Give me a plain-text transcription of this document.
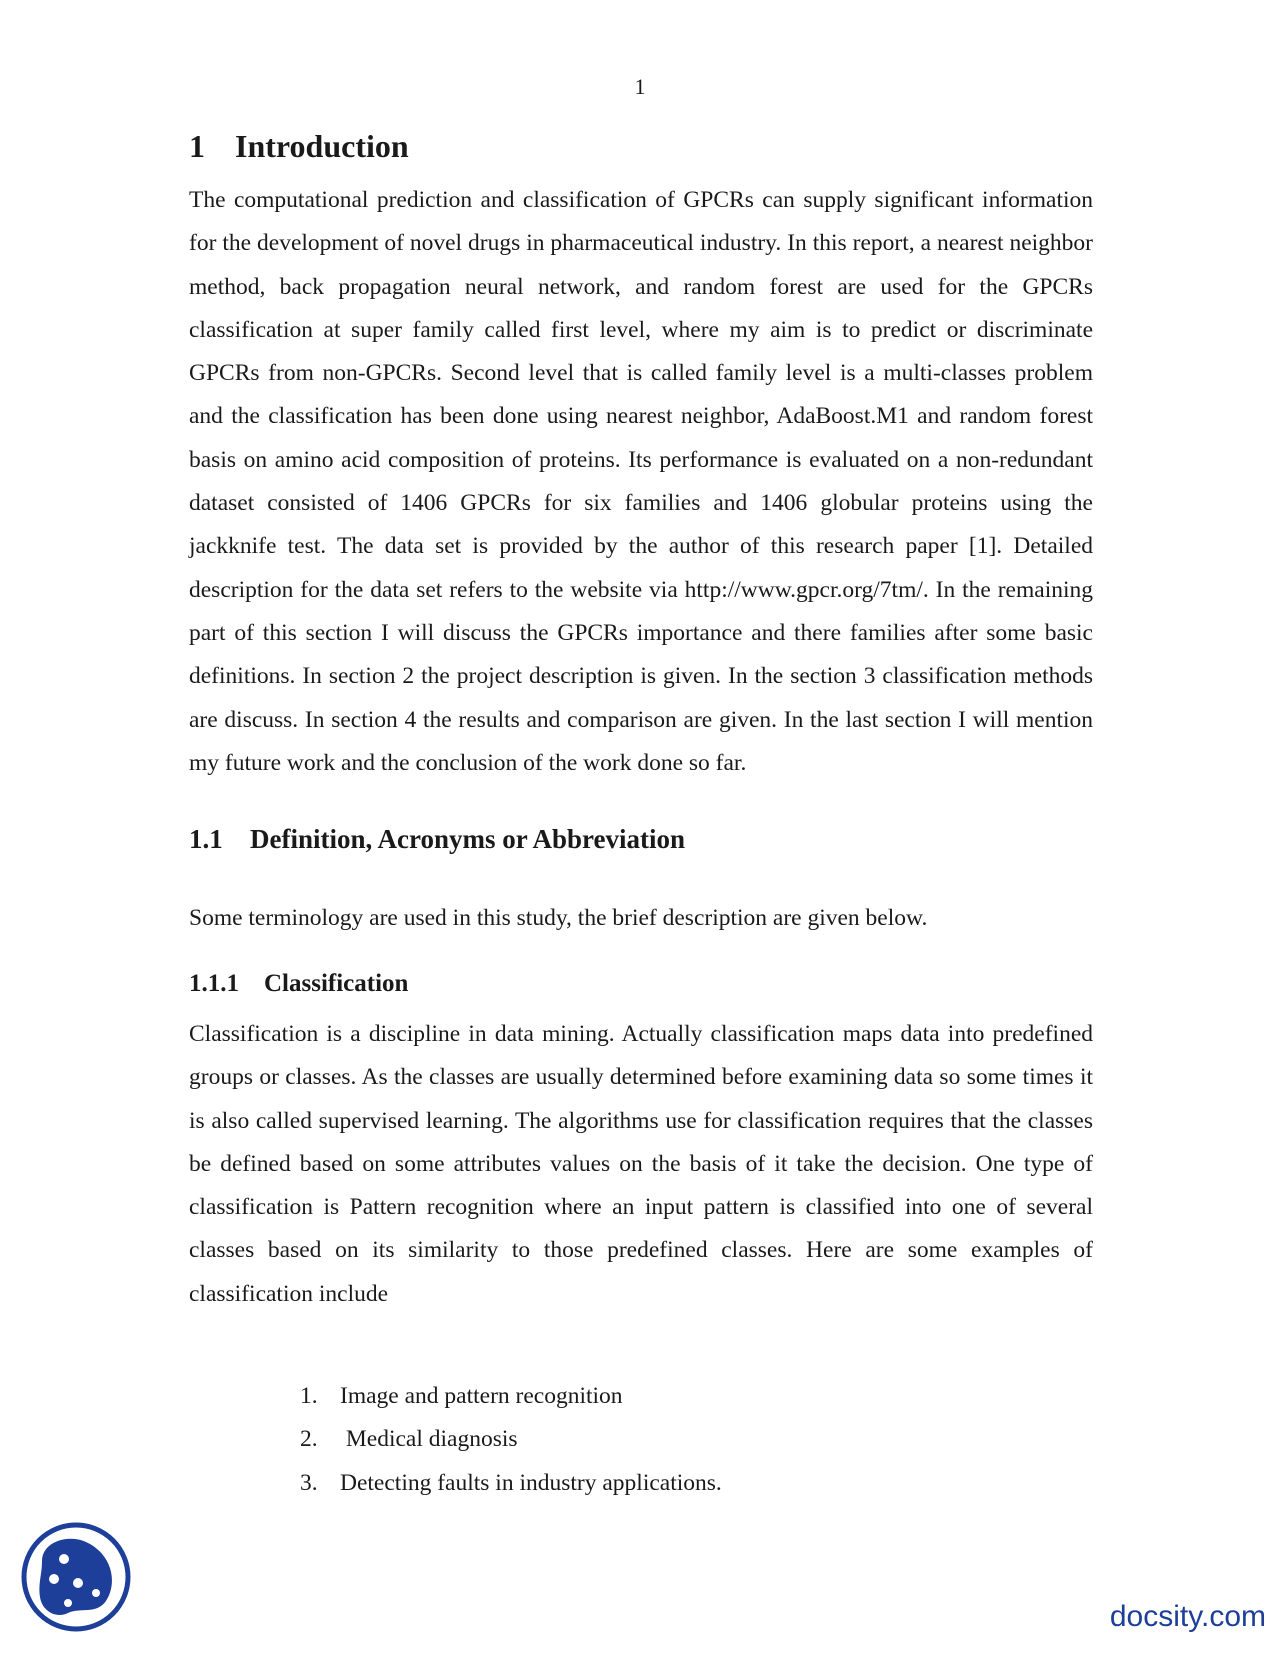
1
1 Introduction

The computational prediction and classification of GPCRs can supply significant information for the development of novel drugs in pharmaceutical industry. In this report, a nearest neighbor method, back propagation neural network, and random forest are used for the GPCRs classification at super family called first level, where my aim is to predict or discriminate GPCRs from non-GPCRs. Second level that is called family level is a multi-classes problem and the classification has been done using nearest neighbor, AdaBoost.M1 and random forest basis on amino acid composition of proteins. Its performance is evaluated on a non-redundant dataset consisted of 1406 GPCRs for six families and 1406 globular proteins using the jackknife test. The data set is provided by the author of this research paper [1]. Detailed description for the data set refers to the website via http://www.gpcr.org/7tm/. In the remaining part of this section I will discuss the GPCRs importance and there families after some basic definitions. In section 2 the project description is given. In the section 3 classification methods are discuss. In section 4 the results and comparison are given. In the last section I will mention my future work and the conclusion of the work done so far.

1.1 Definition, Acronyms or Abbreviation

Some terminology are used in this study, the brief description are given below.

1.1.1 Classification

Classification is a discipline in data mining. Actually classification maps data into predefined groups or classes. As the classes are usually determined before examining data so some times it is also called supervised learning. The algorithms use for classification requires that the classes be defined based on some attributes values on the basis of it take the decision. One type of classification is Pattern recognition where an input pattern is classified into one of several classes based on its similarity to those predefined classes. Here are some examples of classification include

1. Image and pattern recognition
2. Medical diagnosis
3. Detecting faults in industry applications.
docsity.com
